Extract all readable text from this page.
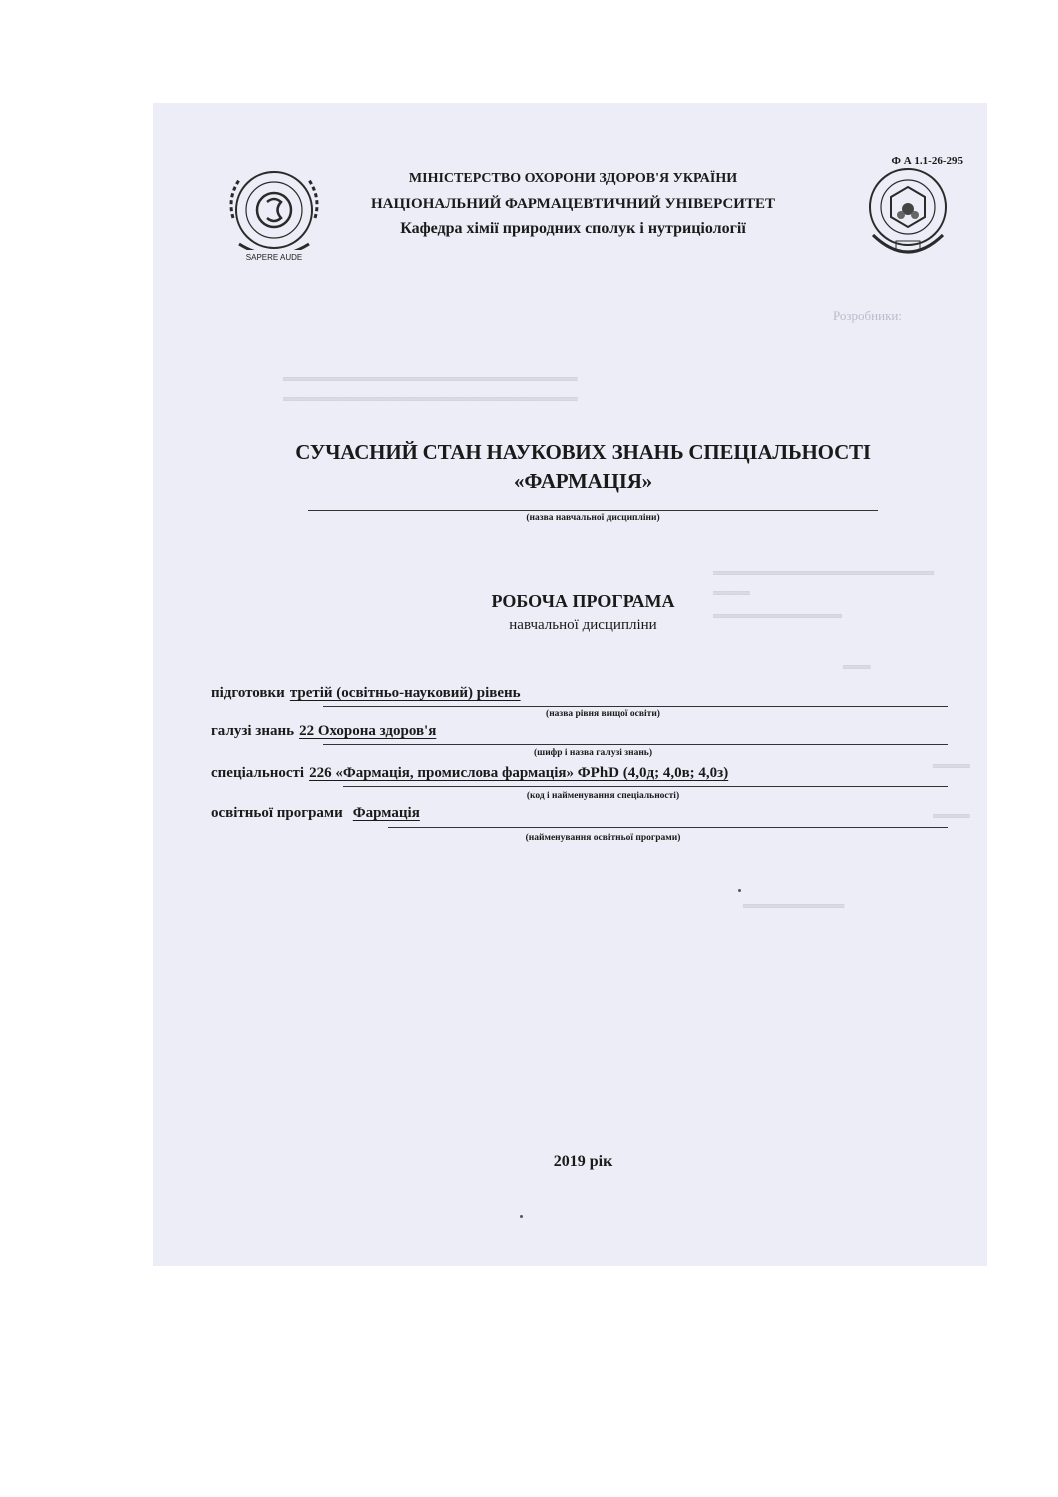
Розробники:
════════════════════════════════
════════════════════════════════
════════════════════════
════
══════════════
═══
════
════
═══════════
Ф А 1.1-26-295
SAPERE AUDE
МІНІСТЕРСТВО ОХОРОНИ ЗДОРОВ'Я УКРАЇНИ
НАЦІОНАЛЬНИЙ ФАРМАЦЕВТИЧНИЙ УНІВЕРСИТЕТ
Кафедра хімії природних сполук і нутриціології
СУЧАСНИЙ СТАН НАУКОВИХ ЗНАНЬ СПЕЦІАЛЬНОСТІ
«ФАРМАЦІЯ»
(назва навчальної дисципліни)
РОБОЧА ПРОГРАМА
навчальної дисципліни
підготовки третій (освітньо-науковий) рівень
(назва рівня вищої освіти)
галузі знань 22 Охорона здоров'я
(шифр і назва галузі знань)
спеціальності 226 «Фармація, промислова фармація» ФPhD (4,0д; 4,0в; 4,0з)
(код і найменування спеціальності)
освітньої програми Фармація
(найменування освітньої програми)
2019 рік
